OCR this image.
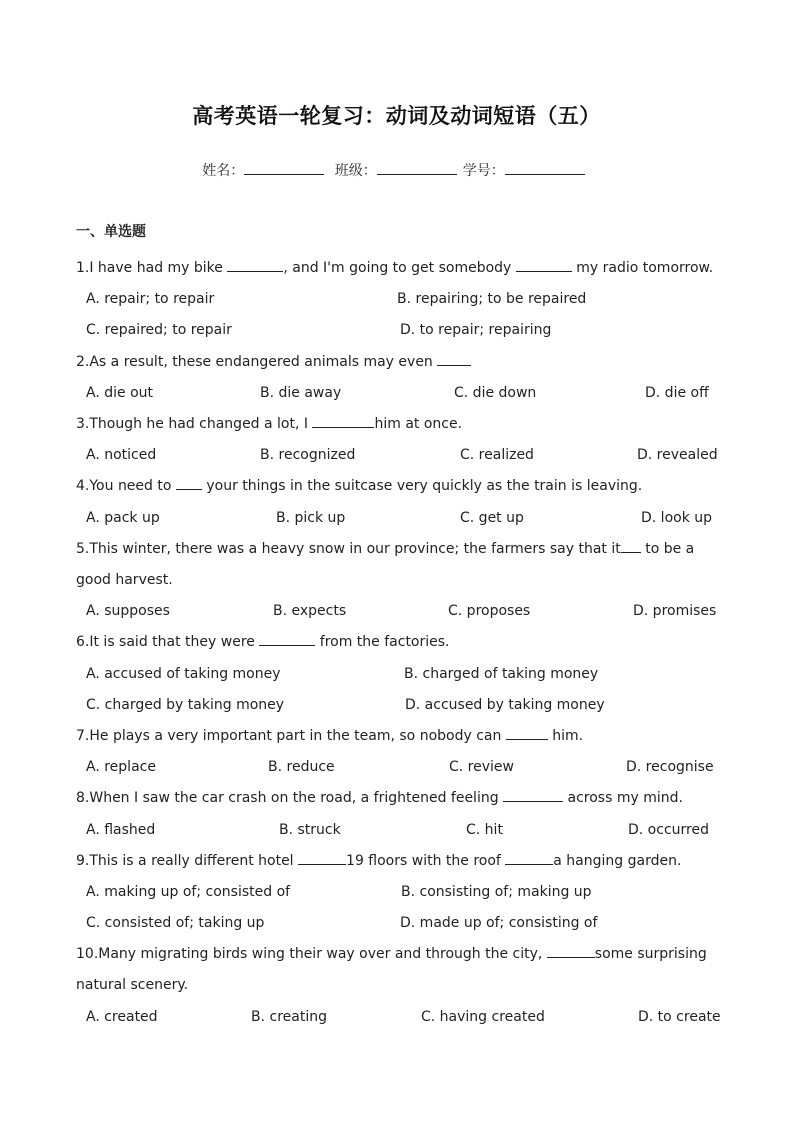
高考英语一轮复习：动词及动词短语（五）
姓名：	班级：	学号：
一、单选题
1.I have had my bike	, and I'm going to get somebody	my radio tomorrow.
A. repair; to repair	B. repairing; to be repaired
C. repaired; to repair	D. to repair; repairing
2.As a result, these endangered animals may even
A. die out	B. die away	C. die down	D. die off
3.Though he had changed a lot, I	him at once.
A. noticed	B. recognized	C. realized	D. revealed
4.You need to  your things in the suitcase very quickly as the train is leaving.
A. pack up	B. pick up	C. get up	D. look up
5.This winter, there was a heavy snow in our province; the farmers say that it to be a good harvest.
A. supposes	B. expects	C. proposes	D. promises
6.It is said that they were	from the factories.
A. accused of taking money	B. charged of taking money
C. charged by taking money	D. accused by taking money
7.He plays a very important part in the team, so nobody can	him.
A. replace	B. reduce	C. review	D. recognise
8.When I saw the car crash on the road, a frightened feeling	across my mind.
A. flashed	B. struck	C. hit	D. occurred
9.This is a really different hotel	19 floors with the roof	a hanging garden.
A. making up of; consisted of	B. consisting of; making up
C. consisted of; taking up	D. made up of; consisting of
10.Many migrating birds wing their way over and through the city,	some surprising natural scenery.
A. created	B. creating	C. having created	D. to create
